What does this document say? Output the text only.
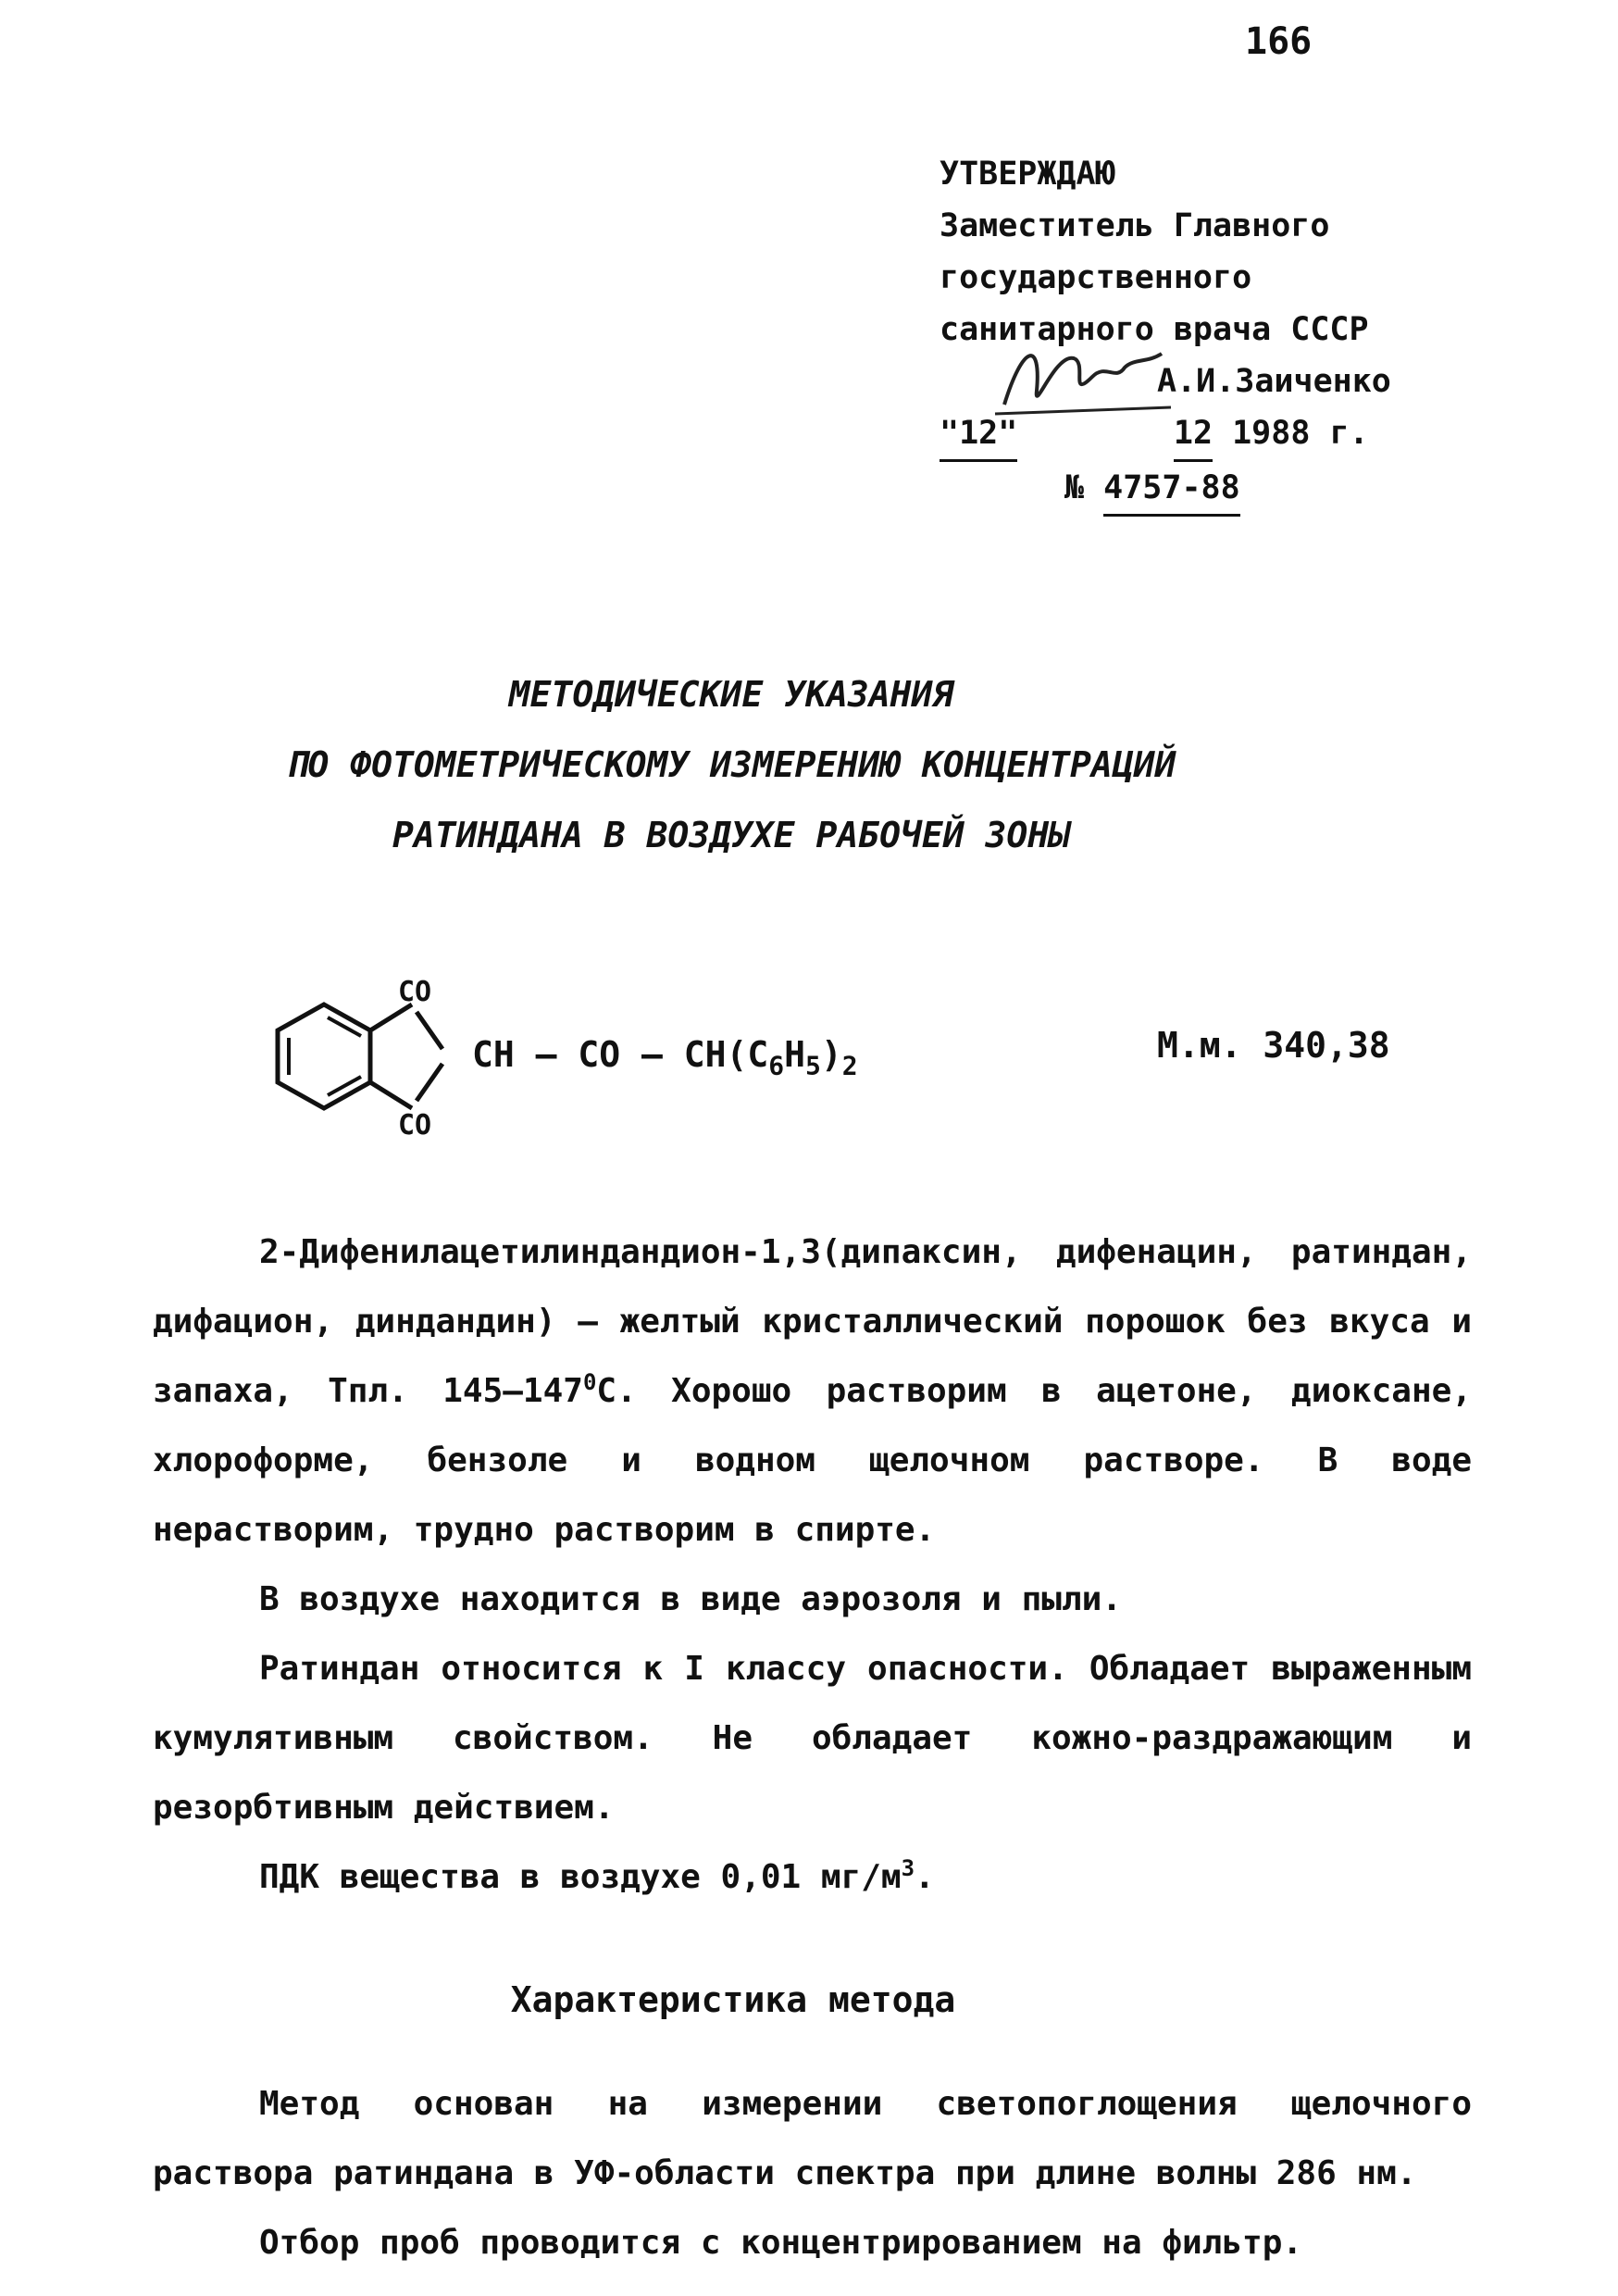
166
УТВЕРЖДАЮ
Заместитель Главного
государственного
санитарного врача СССР
А.И.Заиченко
"12"	12 1988 г.
№ 4757-88
МЕТОДИЧЕСКИЕ УКАЗАНИЯ
ПО ФОТОМЕТРИЧЕСКОМУ ИЗМЕРЕНИЮ КОНЦЕНТРАЦИЙ
РАТИНДАНА В ВОЗДУХЕ РАБОЧЕЙ ЗОНЫ
CO
CO
CH – CO – $CH(C_6H_5)_2$
М.м. 340,38

2-Дифенилацетилиндандион-1,3(дипаксин, дифенацин, ратиндан, дифацион, диндандин) – желтый кристаллический порошок без вкуса и запаха, Тпл. $145-147^0С$. Хорошо растворим в ацетоне, диоксане, хлороформе, бензоле и водном щелочном растворе. В воде нерастворим, трудно растворим в спирте.

В воздухе находится в виде аэрозоля и пыли.

Ратиндан относится к I классу опасности. Обладает выраженным кумулятивным свойством. Не обладает кожно-раздражающим и резорбтивным действием.

ПДК вещества в воздухе 0,01 $мг/м^3$.

Характеристика метода

Метод основан на измерении светопоглощения щелочного раствора ратиндана в УФ-области спектра при длине волны 286 нм.

Отбор проб проводится с концентрированием на фильтр.
